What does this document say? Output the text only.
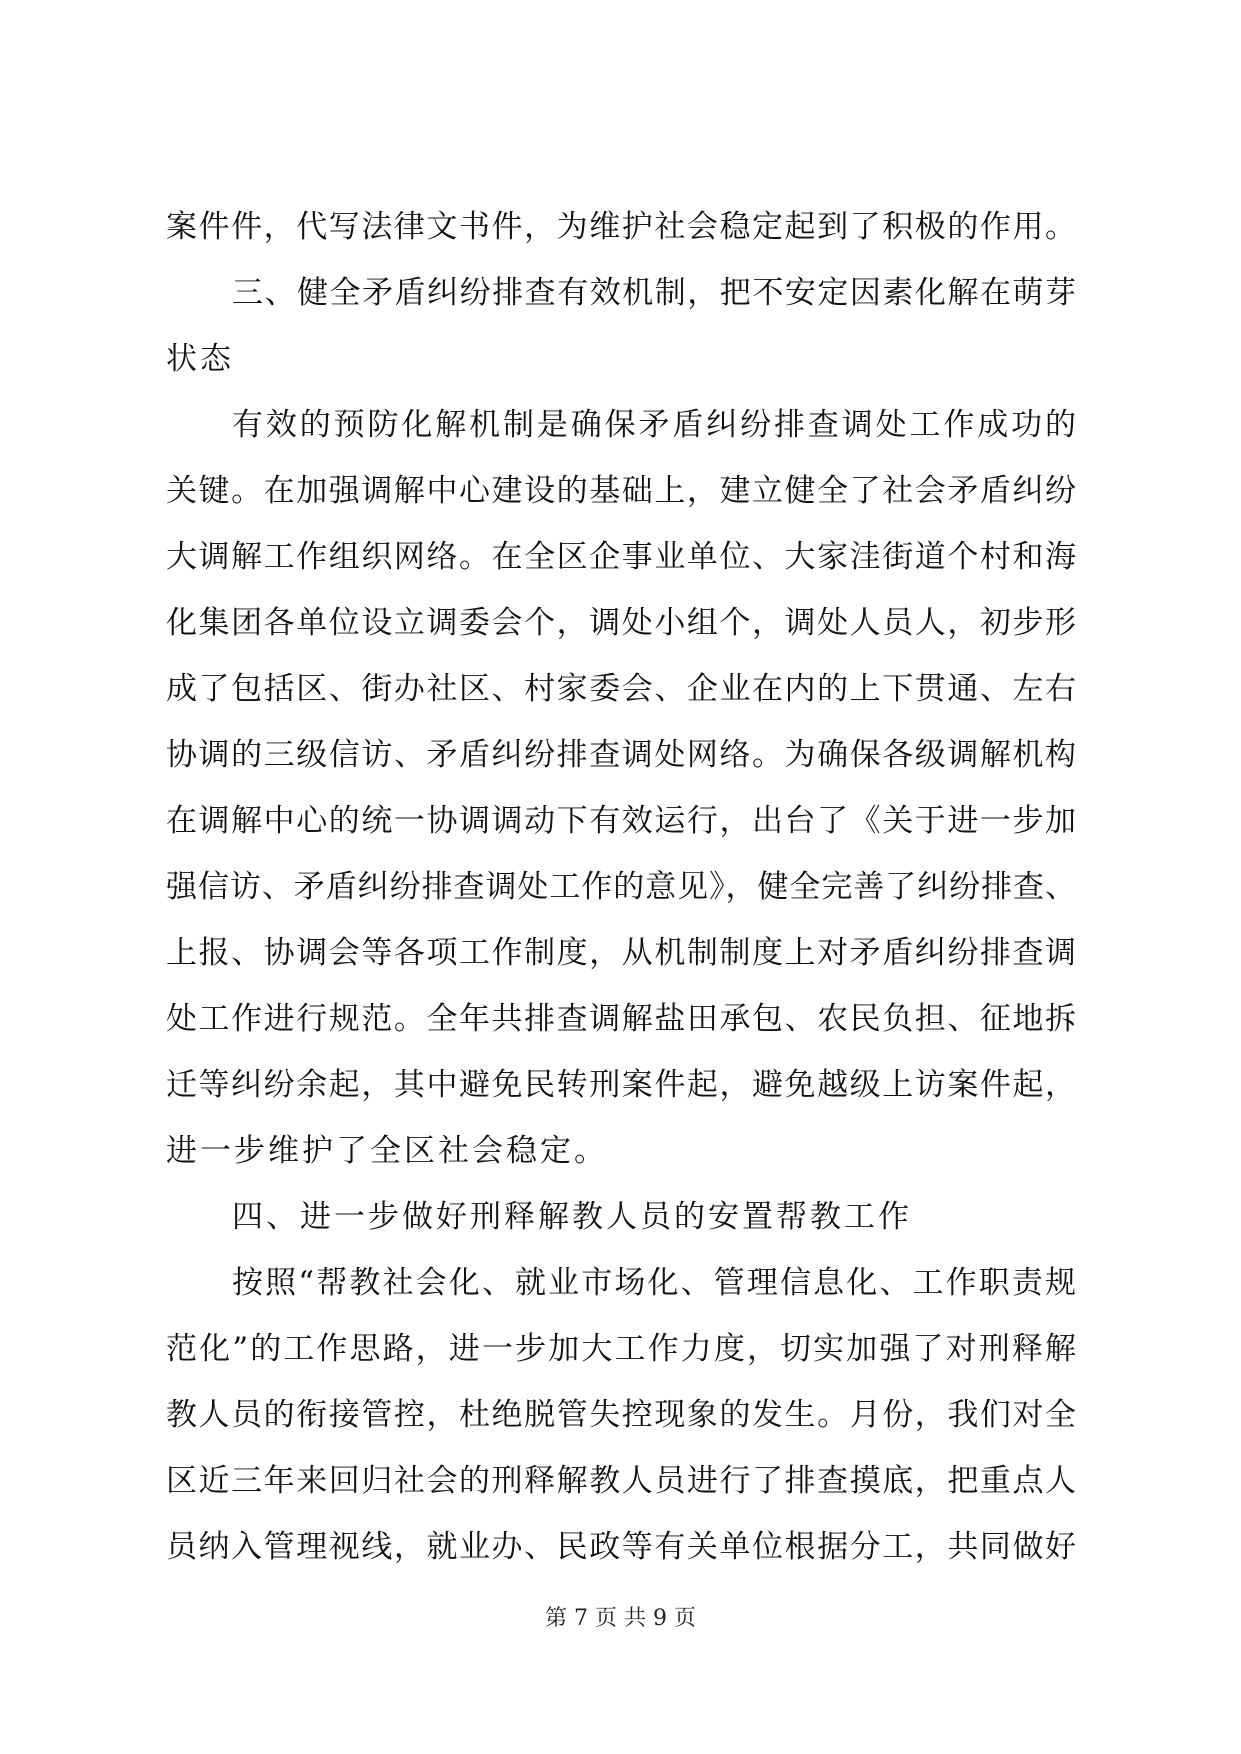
案件件，代写法律文书件，为维护社会稳定起到了积极的作用。
三、健全矛盾纠纷排查有效机制，把不安定因素化解在萌芽
状态
有效的预防化解机制是确保矛盾纠纷排查调处工作成功的
关键。在加强调解中心建设的基础上，建立健全了社会矛盾纠纷
大调解工作组织网络。在全区企事业单位、大家洼街道个村和海
化集团各单位设立调委会个，调处小组个，调处人员人，初步形
成了包括区、街办社区、村家委会、企业在内的上下贯通、左右
协调的三级信访、矛盾纠纷排查调处网络。为确保各级调解机构
在调解中心的统一协调调动下有效运行，出台了《关于进一步加
强信访、矛盾纠纷排查调处工作的意见》，健全完善了纠纷排查、
上报、协调会等各项工作制度，从机制制度上对矛盾纠纷排查调
处工作进行规范。全年共排查调解盐田承包、农民负担、征地拆
迁等纠纷余起，其中避免民转刑案件起，避免越级上访案件起，
进一步维护了全区社会稳定。
四、进一步做好刑释解教人员的安置帮教工作
按照“帮教社会化、就业市场化、管理信息化、工作职责规
范化”的工作思路，进一步加大工作力度，切实加强了对刑释解
教人员的衔接管控，杜绝脱管失控现象的发生。月份，我们对全
区近三年来回归社会的刑释解教人员进行了排查摸底，把重点人
员纳入管理视线，就业办、民政等有关单位根据分工，共同做好
第 7 页 共 9 页
